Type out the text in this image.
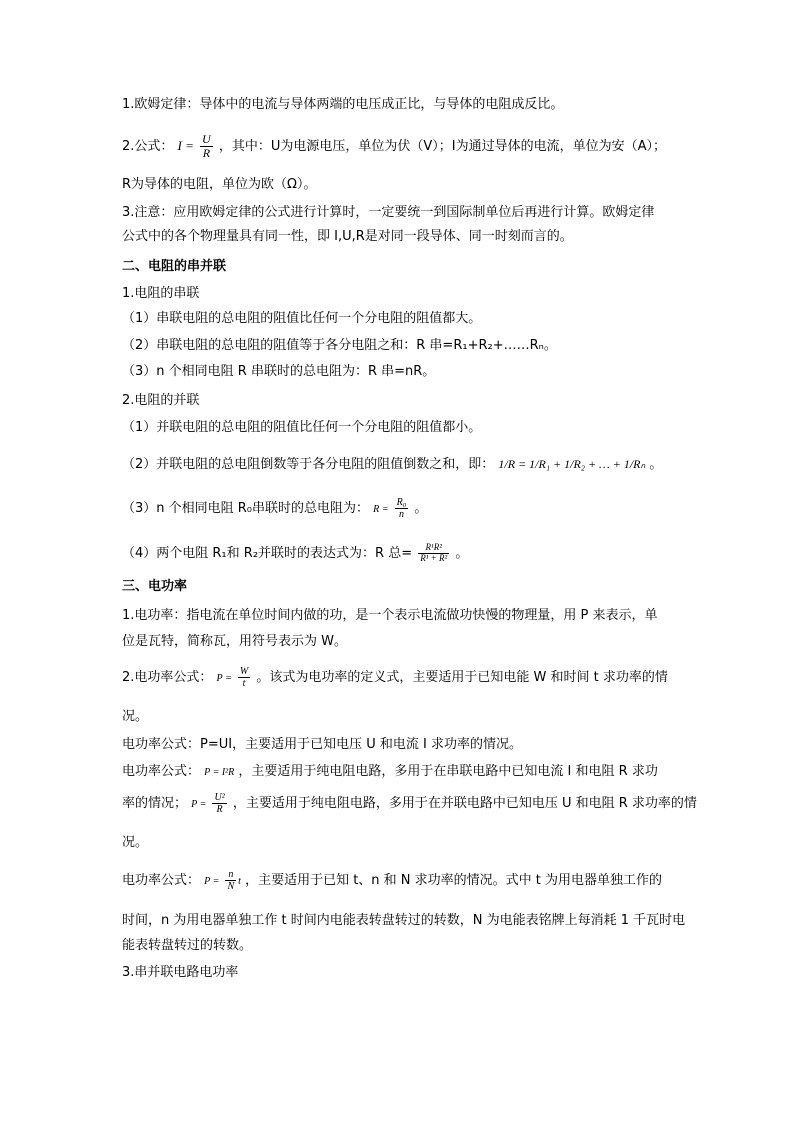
1.欧姆定律：导体中的电流与导体两端的电压成正比，与导体的电阻成反比。
2.公式： $I = \frac{U}{R}$ ，其中：U为电源电压，单位为伏（V）；I为通过导体的电流，单位为安（A）；
R为导体的电阻，单位为欧（Ω）。
3.注意：应用欧姆定律的公式进行计算时，一定要统一到国际制单位后再进行计算。欧姆定律
公式中的各个物理量具有同一性，即 I,U,R是对同一段导体、同一时刻而言的。
二、电阻的串并联
1.电阻的串联
（1）串联电阻的总电阻的阻值比任何一个分电阻的阻值都大。
（2）串联电阻的总电阻的阻值等于各分电阻之和：R 串=R₁+R₂+……Rₙ。
（3）n 个相同电阻 R 串联时的总电阻为：R 串=nR。
2.电阻的并联
（1）并联电阻的总电阻的阻值比任何一个分电阻的阻值都小。
（2）并联电阻的总电阻倒数等于各分电阻的阻值倒数之和，即： 1/R = 1/R₁ + 1/R₂ + … + 1/Rₙ 。
（3）n 个相同电阻 R₀串联时的总电阻为： $R = \frac{\text{R₀}}{n}$ 。
（4）两个电阻 R₁和 R₂并联时的表达式为：R 总= $\frac{\text{R¹R²}}{\text{R¹ + R²}}$ 。
三、电功率
1.电功率：指电流在单位时间内做的功，是一个表示电流做功快慢的物理量，用 P 来表示，单
位是瓦特，简称瓦，用符号表示为 W。
2.电功率公式： $P = \frac{W}{t}$ 。该式为电功率的定义式，主要适用于已知电能 W 和时间 t 求功率的情
况。
电功率公式：P=UI，主要适用于已知电压 U 和电流 I 求功率的情况。
电功率公式： P = I²R ，主要适用于纯电阻电路，多用于在串联电路中已知电流 I 和电阻 R 求功
率的情况； $P = \frac{\text{U²}}{R}$ ，主要适用于纯电阻电路，多用于在并联电路中已知电压 U 和电阻 R 求功率的情
况。
电功率公式： $P = \frac{n}{N}$ t ，主要适用于已知 t、n 和 N 求功率的情况。式中 t 为用电器单独工作的
时间，n 为用电器单独工作 t 时间内电能表转盘转过的转数，N 为电能表铭牌上每消耗 1 千瓦时电
能表转盘转过的转数。
3.串并联电路电功率
